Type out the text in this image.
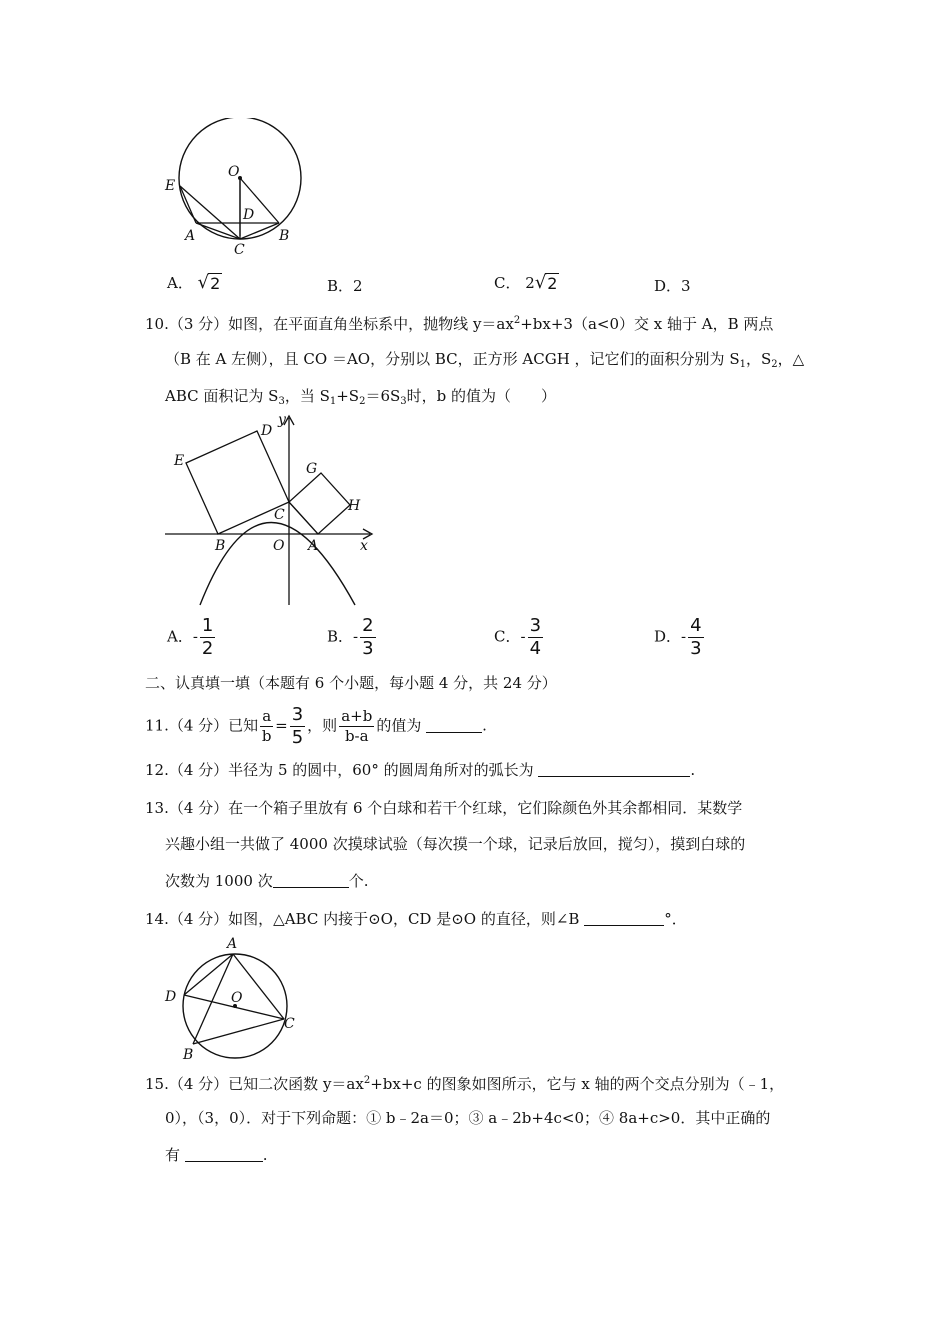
O
E
D
A	B
C
A． √ 2	B．2	C． 2 √ 2	D．3
10.（3 分）如图，在平面直角坐标系中，抛物线 $y=ax^2+bx+3(a<0)$交 x 轴于 A，B 两点
（B 在 A 左侧），且 CO ＝AO，分别以 BC，正方形 ACGH ，记它们的面积分别为 $S_1$，$S_2$，△
ABC 面积记为 $S_3$，当 $S_1+S_2=6S_3$时，b 的值为（　　）
y
x
D
E	G
H
C
B	O A
A．- $\frac{1}{2}$	B．- $\frac{2}{3}$	C．- $\frac{3}{4}$	D．- $\frac{4}{3}$
二、认真填一填（本题有 6 个小题，每小题 4 分，共 24 分）
11.（4 分）已知 $\frac{a}{b} = \frac{3}{5}$ ，则 $\frac{a+b}{b-a}$ 的值为	.
12.（4 分）半径为 5 的圆中，60° 的圆周角所对的弧长为	.
13.（4 分）在一个箱子里放有 6 个白球和若干个红球，它们除颜色外其余都相同．某数学
兴趣小组一共做了 4000 次摸球试验（每次摸一个球，记录后放回，搅匀），摸到白球的
次数为 1000 次	个.
14.（4 分）如图，△ABC 内接于⊙O，CD 是⊙O 的直径，则∠B	°．
A
D	O
C
B
15.（4 分）已知二次函数 $y=ax^2+bx+c$ 的图象如图所示，它与 x 轴的两个交点分别为（﹣1，
0），（3，0）．对于下列命题：① b﹣2a＝0；③ a﹣2b+4c<0；④ 8a+c>0．其中正确的
有	.
